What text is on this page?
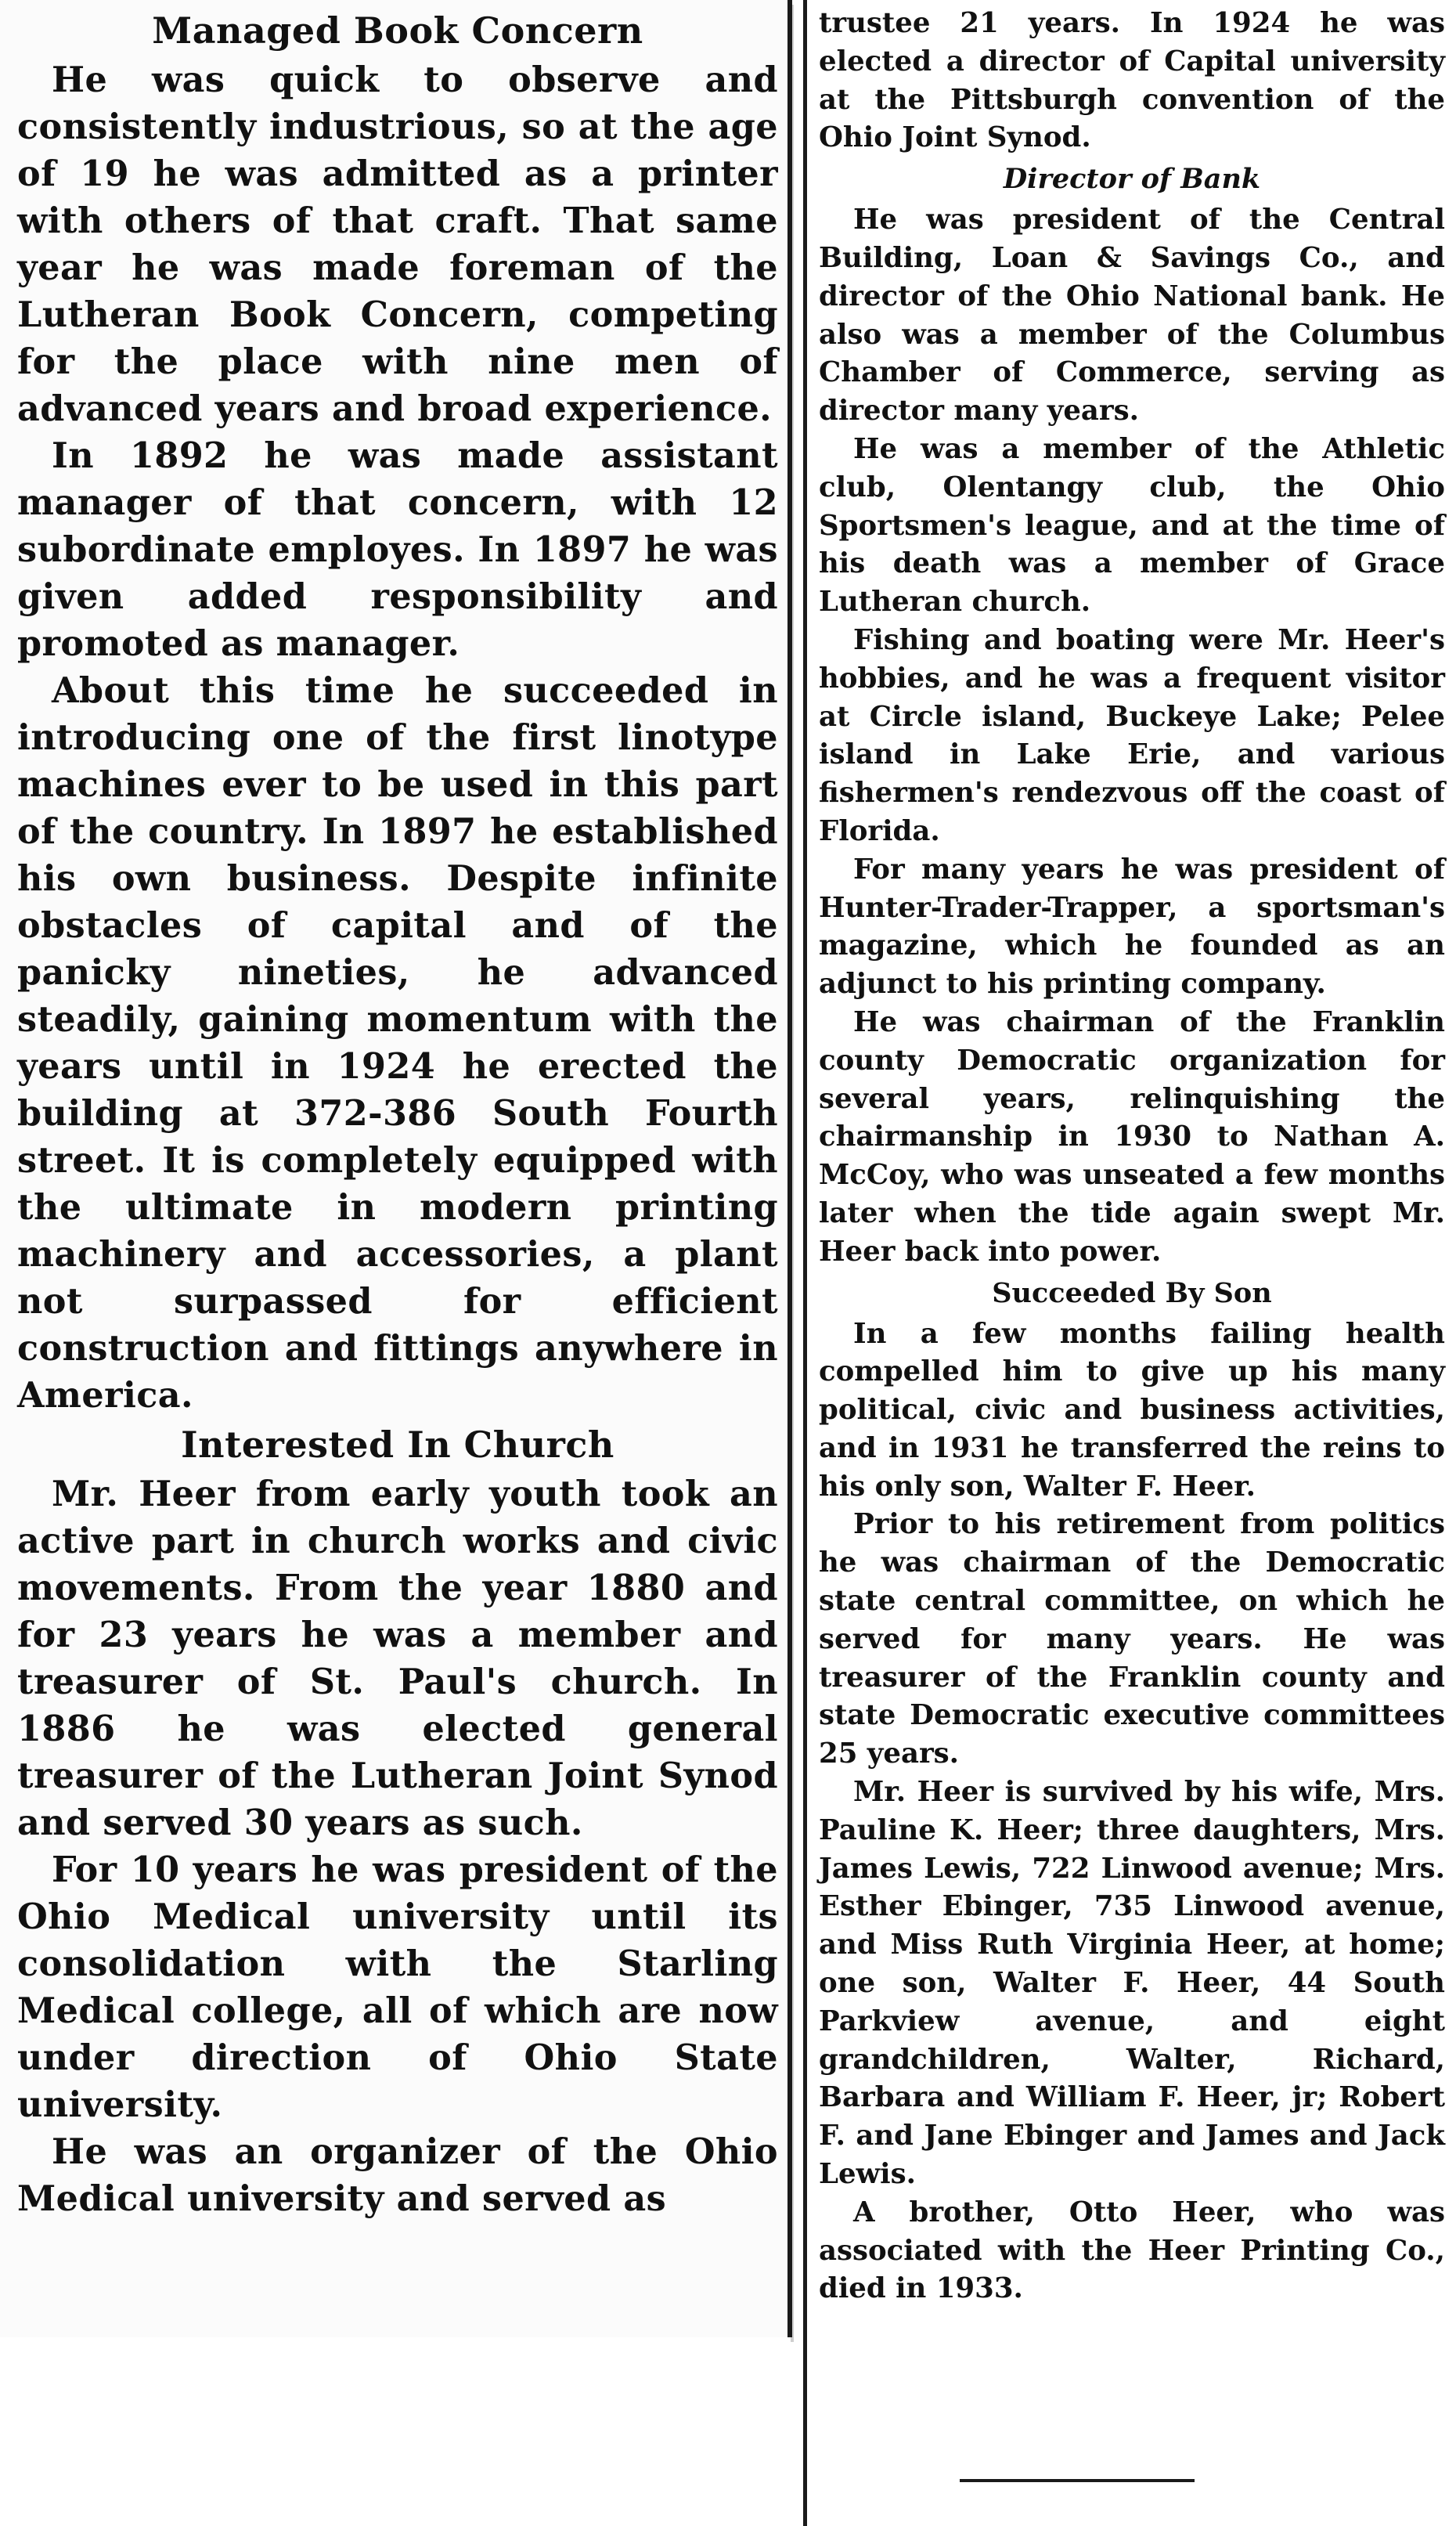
Managed Book Concern

He was quick to observe and consistently industrious, so at the age of 19 he was admitted as a printer with others of that craft. That same year he was made foreman of the Lutheran Book Concern, competing for the place with nine men of advanced years and broad experience.

In 1892 he was made assistant manager of that concern, with 12 subordinate employes. In 1897 he was given added responsibility and promoted as manager.

About this time he succeeded in introducing one of the first linotype machines ever to be used in this part of the country. In 1897 he established his own business. Despite infinite obstacles of capital and of the panicky nineties, he advanced steadily, gaining momentum with the years until in 1924 he erected the building at 372-386 South Fourth street. It is completely equipped with the ultimate in modern printing machinery and accessories, a plant not surpassed for efficient construction and fittings anywhere in America.

Interested In Church

Mr. Heer from early youth took an active part in church works and civic movements. From the year 1880 and for 23 years he was a member and treasurer of St. Paul's church. In 1886 he was elected general treasurer of the Lutheran Joint Synod and served 30 years as such.

For 10 years he was president of the Ohio Medical university until its consolidation with the Starling Medical college, all of which are now under direction of Ohio State university.

He was an organizer of the Ohio Medical university and served as

trustee 21 years. In 1924 he was elected a director of Capital university at the Pittsburgh convention of the Ohio Joint Synod.

Director of Bank

He was president of the Central Building, Loan & Savings Co., and director of the Ohio National bank. He also was a member of the Columbus Chamber of Commerce, serving as director many years.

He was a member of the Athletic club, Olentangy club, the Ohio Sportsmen's league, and at the time of his death was a member of Grace Lutheran church.

Fishing and boating were Mr. Heer's hobbies, and he was a frequent visitor at Circle island, Buckeye Lake; Pelee island in Lake Erie, and various fishermen's rendezvous off the coast of Florida.

For many years he was president of Hunter-Trader-Trapper, a sportsman's magazine, which he founded as an adjunct to his printing company.

He was chairman of the Franklin county Democratic organization for several years, relinquishing the chairmanship in 1930 to Nathan A. McCoy, who was unseated a few months later when the tide again swept Mr. Heer back into power.

Succeeded By Son

In a few months failing health compelled him to give up his many political, civic and business activities, and in 1931 he transferred the reins to his only son, Walter F. Heer.

Prior to his retirement from politics he was chairman of the Democratic state central committee, on which he served for many years. He was treasurer of the Franklin county and state Democratic executive committees 25 years.

Mr. Heer is survived by his wife, Mrs. Pauline K. Heer; three daughters, Mrs. James Lewis, 722 Linwood avenue; Mrs. Esther Ebinger, 735 Linwood avenue, and Miss Ruth Virginia Heer, at home; one son, Walter F. Heer, 44 South Parkview avenue, and eight grandchildren, Walter, Richard, Barbara and William F. Heer, jr; Robert F. and Jane Ebinger and James and Jack Lewis.

A brother, Otto Heer, who was associated with the Heer Printing Co., died in 1933.
